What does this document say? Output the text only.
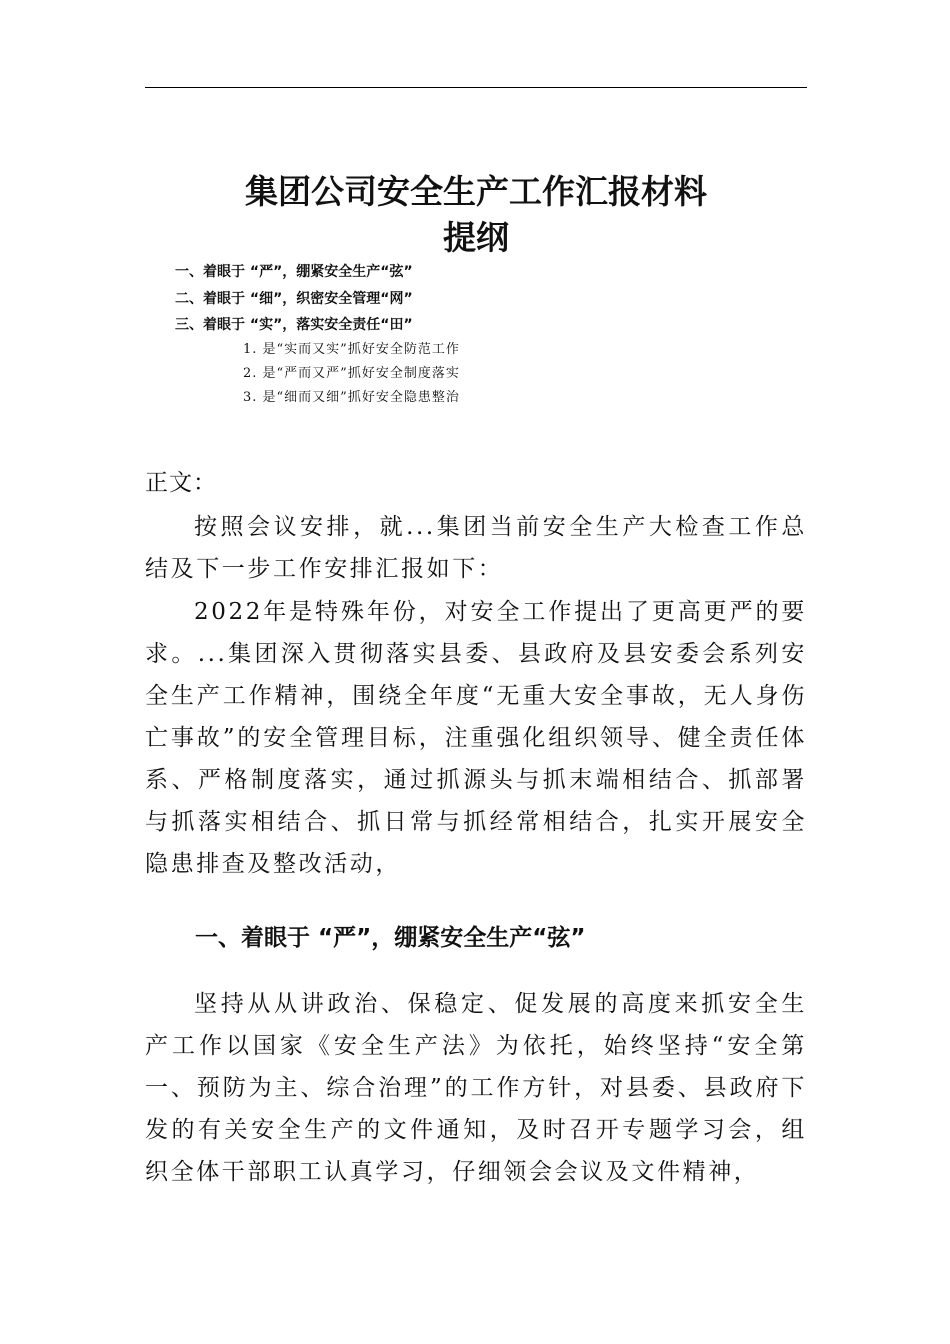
集团公司安全生产工作汇报材料
提纲
一、着眼于 “严”，绷紧安全生产“弦”
二、着眼于 “细”，织密安全管理“网”
三、着眼于 “实”，落实安全责任“田”
1. 是“实而又实”抓好安全防范工作
2. 是“严而又严”抓好安全制度落实
3. 是“细而又细”抓好安全隐患整治

正文：

按照会议安排，就...集团当前安全生产大检查工作总结及下一步工作安排汇报如下：

2022年是特殊年份，对安全工作提出了更高更严的要求。...集团深入贯彻落实县委、县政府及县安委会系列安全生产工作精神，围绕全年度“无重大安全事故，无人身伤亡事故”的安全管理目标，注重强化组织领导、健全责任体系、严格制度落实，通过抓源头与抓末端相结合、抓部署与抓落实相结合、抓日常与抓经常相结合，扎实开展安全隐患排查及整改活动，

一、着眼于 “严”，绷紧安全生产“弦”

坚持从从讲政治、保稳定、促发展的高度来抓安全生产工作以国家《安全生产法》为依托，始终坚持“安全第一、预防为主、综合治理”的工作方针，对县委、县政府下发的有关安全生产的文件通知，及时召开专题学习会，组织全体干部职工认真学习，仔细领会会议及文件精神，
